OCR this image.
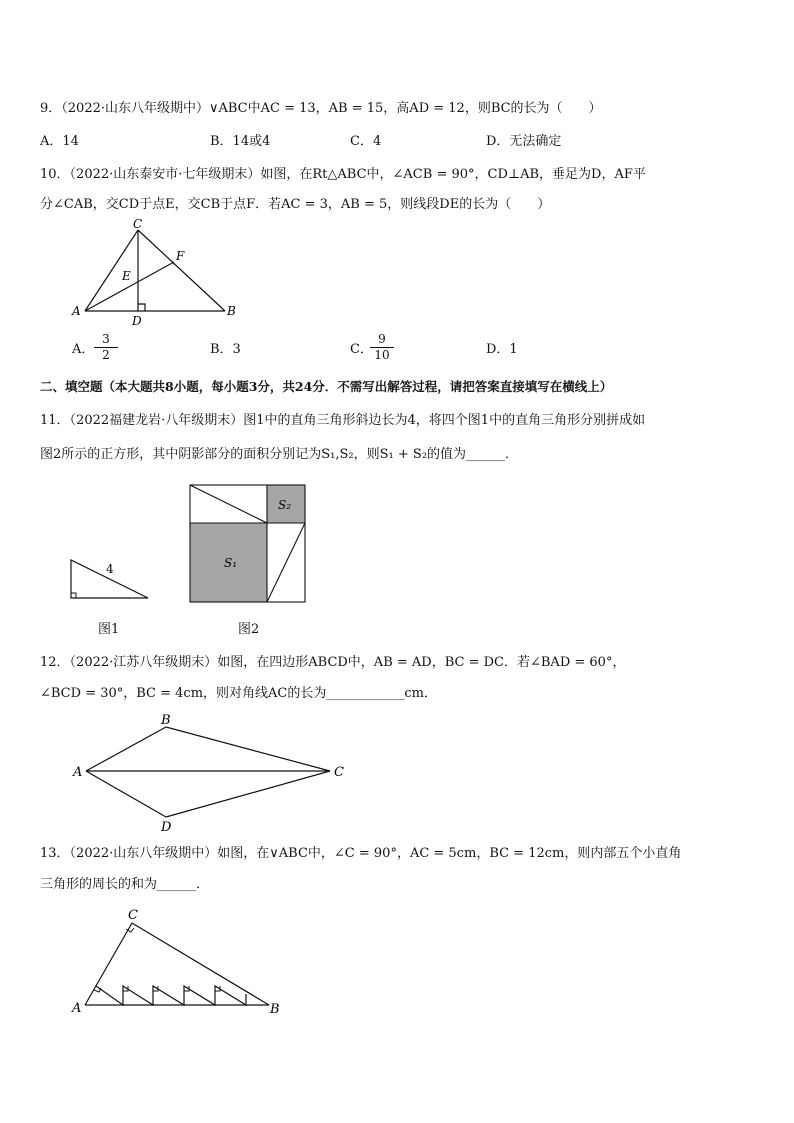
9．（2022·山东八年级期中）∨ABC中AC = 13，AB = 15，高AD = 12，则BC的长为（　　）
A．14	B．14或4	C．4	D．无法确定
10．（2022·山东泰安市·七年级期末）如图，在Rt△ABC中，∠ACB = 90°，CD⊥AB，垂足为D，AF平
分∠CAB，交CD于点E，交CB于点F．若AC = 3，AB = 5，则线段DE的长为（　　）
A	B
C
D
E
F
A． $\frac{3}{2}$	B．3	C．
$\frac{9}{10}$	D．1
二、填空题（本大题共8小题，每小题3分，共24分．不需写出解答过程，请把答案直接填写在横线上）
11．（2022福建龙岩·八年级期末）图1中的直角三角形斜边长为4，将四个图1中的直角三角形分别拼成如
图2所示的正方形，其中阴影部分的面积分别记为S₁,S₂，则S₁ + S₂的值为______．
4
图1
S₁
S₂
图2
12．（2022·江苏八年级期末）如图，在四边形ABCD中，AB = AD，BC = DC．若∠BAD = 60°，
∠BCD = 30°，BC = 4cm，则对角线AC的长为____________cm．
A
B
C
D
13．（2022·山东八年级期中）如图，在∨ABC中，∠C = 90°，AC = 5cm，BC = 12cm，则内部五个小直角
三角形的周长的和为______．
A	B
C
